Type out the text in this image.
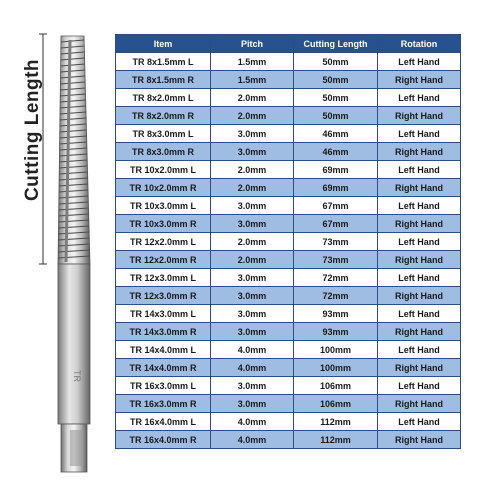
TR
Cutting Length
Item	Pitch	Cutting Length	Rotation
TR 8x1.5mm L	1.5mm	50mm	Left Hand
TR 8x1.5mm R	1.5mm	50mm	Right Hand
TR 8x2.0mm L	2.0mm	50mm	Left Hand
TR 8x2.0mm R	2.0mm	50mm	Right Hand
TR 8x3.0mm L	3.0mm	46mm	Left Hand
TR 8x3.0mm R	3.0mm	46mm	Right Hand
TR 10x2.0mm L	2.0mm	69mm	Left Hand
TR 10x2.0mm R	2.0mm	69mm	Right Hand
TR 10x3.0mm L	3.0mm	67mm	Left Hand
TR 10x3.0mm R	3.0mm	67mm	Right Hand
TR 12x2.0mm L	2.0mm	73mm	Left Hand
TR 12x2.0mm R	2.0mm	73mm	Right Hand
TR 12x3.0mm L	3.0mm	72mm	Left Hand
TR 12x3.0mm R	3.0mm	72mm	Right Hand
TR 14x3.0mm L	3.0mm	93mm	Left Hand
TR 14x3.0mm R	3.0mm	93mm	Right Hand
TR 14x4.0mm L	4.0mm	100mm	Left Hand
TR 14x4.0mm R	4.0mm	100mm	Right Hand
TR 16x3.0mm L	3.0mm	106mm	Left Hand
TR 16x3.0mm R	3.0mm	106mm	Right Hand
TR 16x4.0mm L	4.0mm	112mm	Left Hand
TR 16x4.0mm R	4.0mm	112mm	Right Hand
